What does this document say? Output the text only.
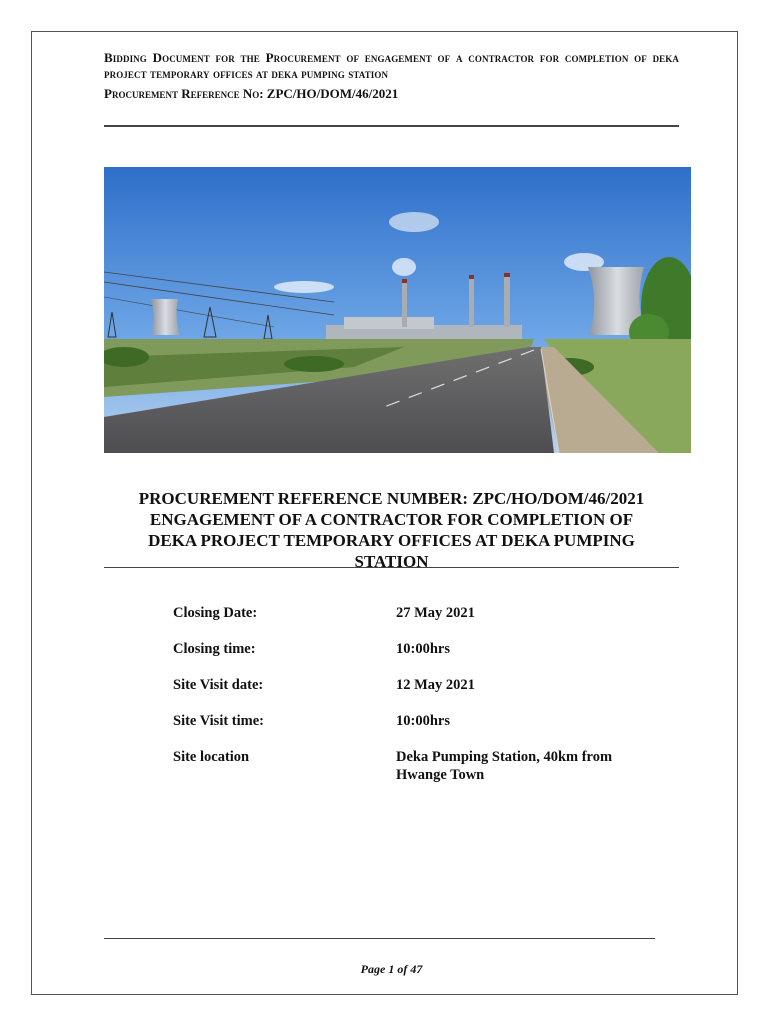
Bidding Document for the Procurement of engagement of a contractor for completion of deka project temporary offices at deka pumping station
Procurement Reference No: ZPC/HO/DOM/46/2021
PROCUREMENT REFERENCE NUMBER: ZPC/HO/DOM/46/2021
ENGAGEMENT OF A CONTRACTOR FOR COMPLETION OF
DEKA PROJECT TEMPORARY OFFICES AT DEKA PUMPING
STATION
Closing Date:	27 May 2021
Closing time:	10:00hrs
Site Visit date:	12 May 2021
Site Visit time:	10:00hrs
Site location	Deka Pumping Station, 40km from Hwange Town
Page 1 of 47
